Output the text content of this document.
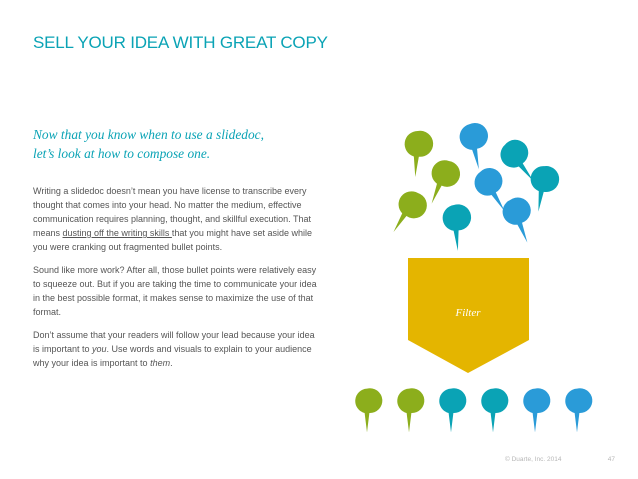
SELL YOUR IDEA WITH GREAT COPY
Now that you know when to use a slidedoc,
let’s look at how to compose one.

Writing a slidedoc doesn’t mean you have license to transcribe every thought that comes into your head. No matter the medium, effective communication requires planning, thought, and skillful execution. That means dusting off the writing skills that you might have set aside while you were cranking out fragmented bullet points.

Sound like more work? After all, those bullet points were relatively easy to squeeze out. But if you are taking the time to communicate your idea in the best possible format, it makes sense to maximize the use of that format.

Don’t assume that your readers will follow your lead because your idea is important to you. Use words and visuals to explain to your audience why your idea is important to them.

Filter
© Duarte, Inc. 2014	47
